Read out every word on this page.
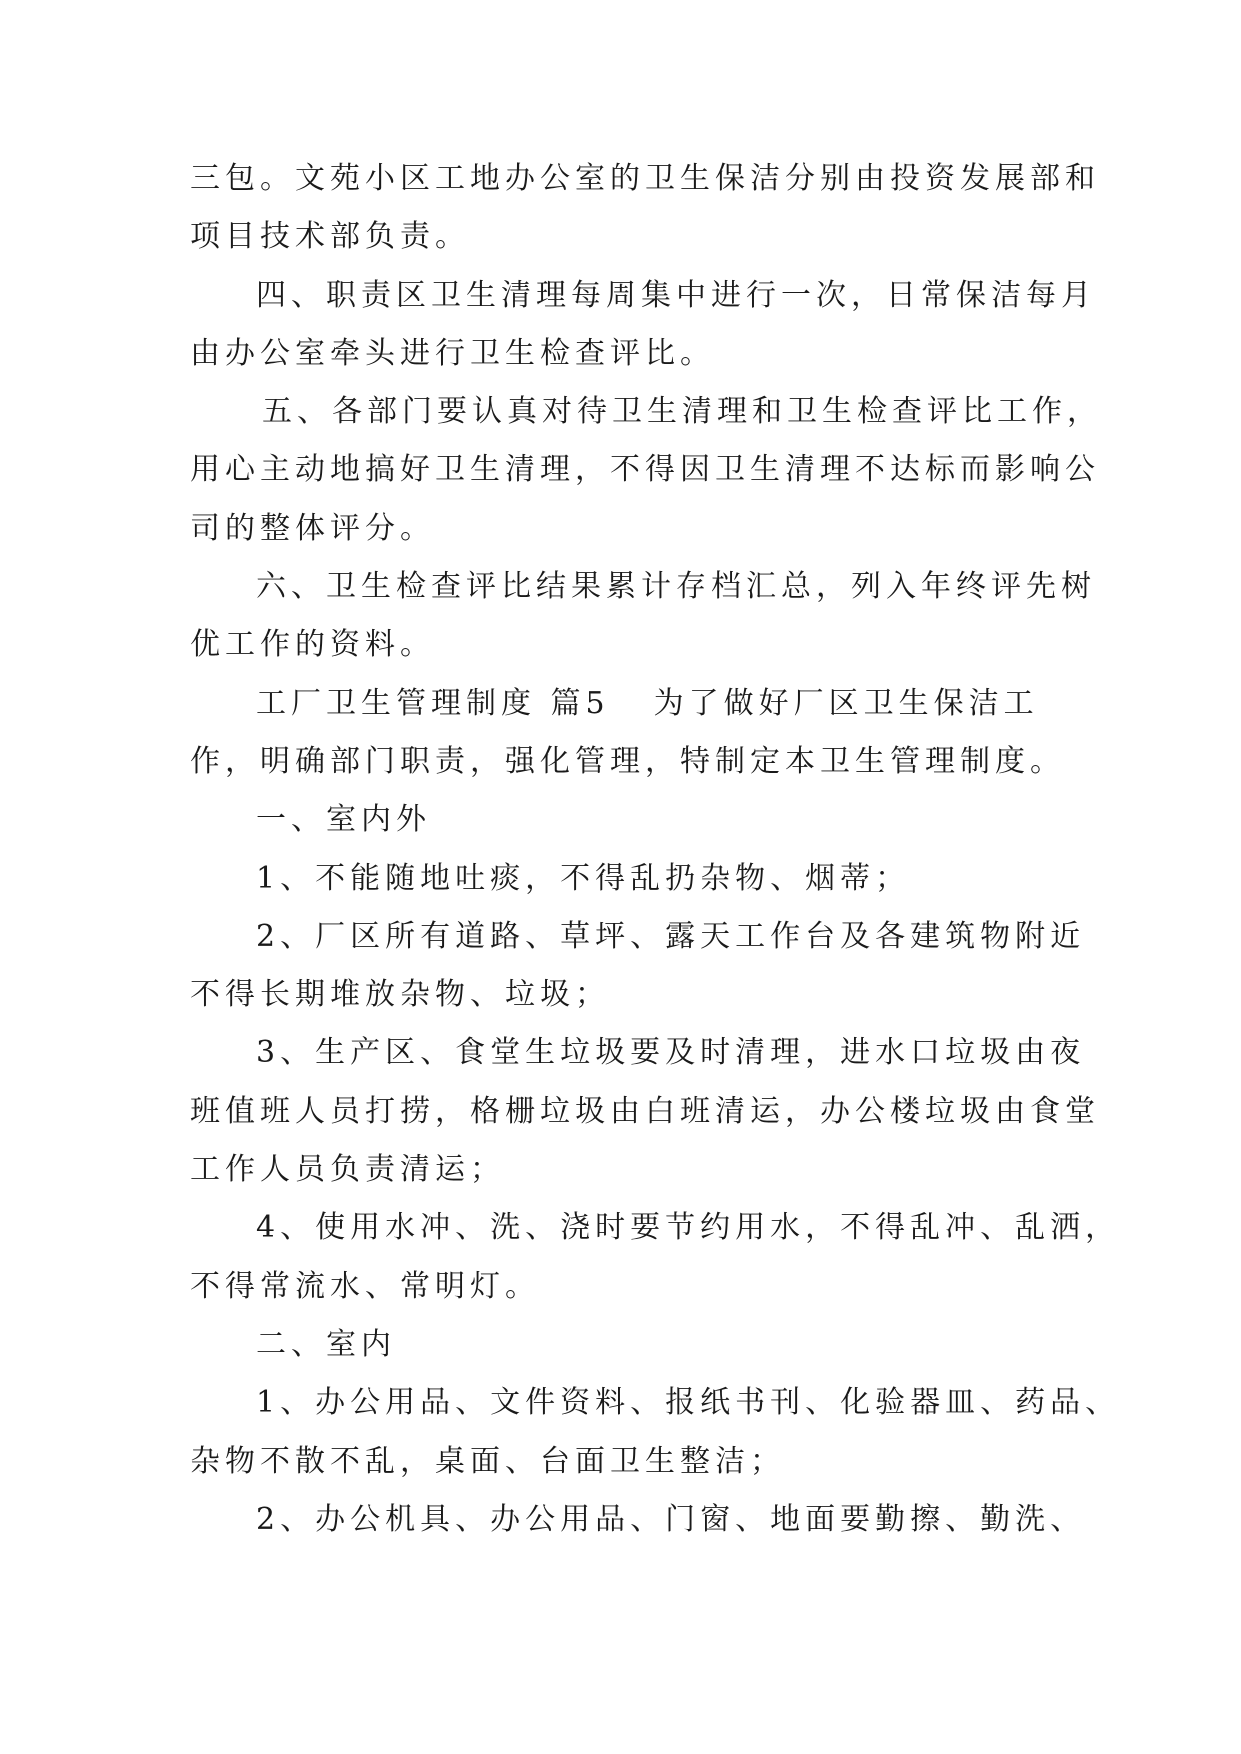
三包。文苑小区工地办公室的卫生保洁分别由投资发展部和
项目技术部负责。
四、职责区卫生清理每周集中进行一次，日常保洁每月
由办公室牵头进行卫生检查评比。
五、各部门要认真对待卫生清理和卫生检查评比工作，
用心主动地搞好卫生清理，不得因卫生清理不达标而影响公
司的整体评分。
六、卫生检查评比结果累计存档汇总，列入年终评先树
优工作的资料。
工厂卫生管理制度 篇5 为了做好厂区卫生保洁工
作，明确部门职责，强化管理，特制定本卫生管理制度。
一、室内外
1、不能随地吐痰，不得乱扔杂物、烟蒂；
2、厂区所有道路、草坪、露天工作台及各建筑物附近
不得长期堆放杂物、垃圾；
3、生产区、食堂生垃圾要及时清理，进水口垃圾由夜
班值班人员打捞，格栅垃圾由白班清运，办公楼垃圾由食堂
工作人员负责清运；
4、使用水冲、洗、浇时要节约用水，不得乱冲、乱洒，
不得常流水、常明灯。
二、室内
1、办公用品、文件资料、报纸书刊、化验器皿、药品、
杂物不散不乱，桌面、台面卫生整洁；
2、办公机具、办公用品、门窗、地面要勤擦、勤洗、
